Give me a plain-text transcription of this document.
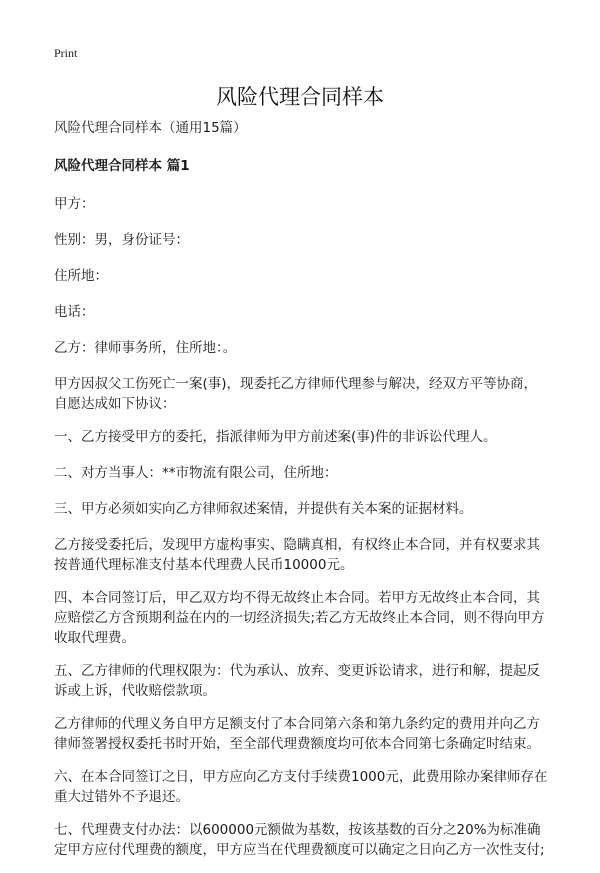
Print
风险代理合同样本

风险代理合同样本（通用15篇）

风险代理合同样本 篇1

甲方：

性别：男，身份证号：

住所地：

电话：

乙方：律师事务所，住所地：。

甲方因叔父工伤死亡一案(事)，现委托乙方律师代理参与解决，经双方平等协商，自愿达成如下协议：

一、乙方接受甲方的委托，指派律师为甲方前述案(事)件的非诉讼代理人。

二、对方当事人：**市物流有限公司，住所地：

三、甲方必须如实向乙方律师叙述案情，并提供有关本案的证据材料。

乙方接受委托后，发现甲方虚构事实、隐瞒真相，有权终止本合同，并有权要求其按普通代理标准支付基本代理费人民币10000元。

四、本合同签订后，甲乙双方均不得无故终止本合同。若甲方无故终止本合同，其应赔偿乙方含预期利益在内的一切经济损失;若乙方无故终止本合同，则不得向甲方收取代理费。

五、乙方律师的代理权限为：代为承认、放弃、变更诉讼请求，进行和解，提起反诉或上诉，代收赔偿款项。

乙方律师的代理义务自甲方足额支付了本合同第六条和第九条约定的费用并向乙方律师签署授权委托书时开始，至全部代理费额度均可依本合同第七条确定时结束。

六、在本合同签订之日，甲方应向乙方支付手续费1000元，此费用除办案律师存在重大过错外不予退还。

七、代理费支付办法：以600000元额做为基数，按该基数的百分之20%为标准确定甲方应付代理费的额度，甲方应当在代理费额度可以确定之日向乙方一次性支付;
